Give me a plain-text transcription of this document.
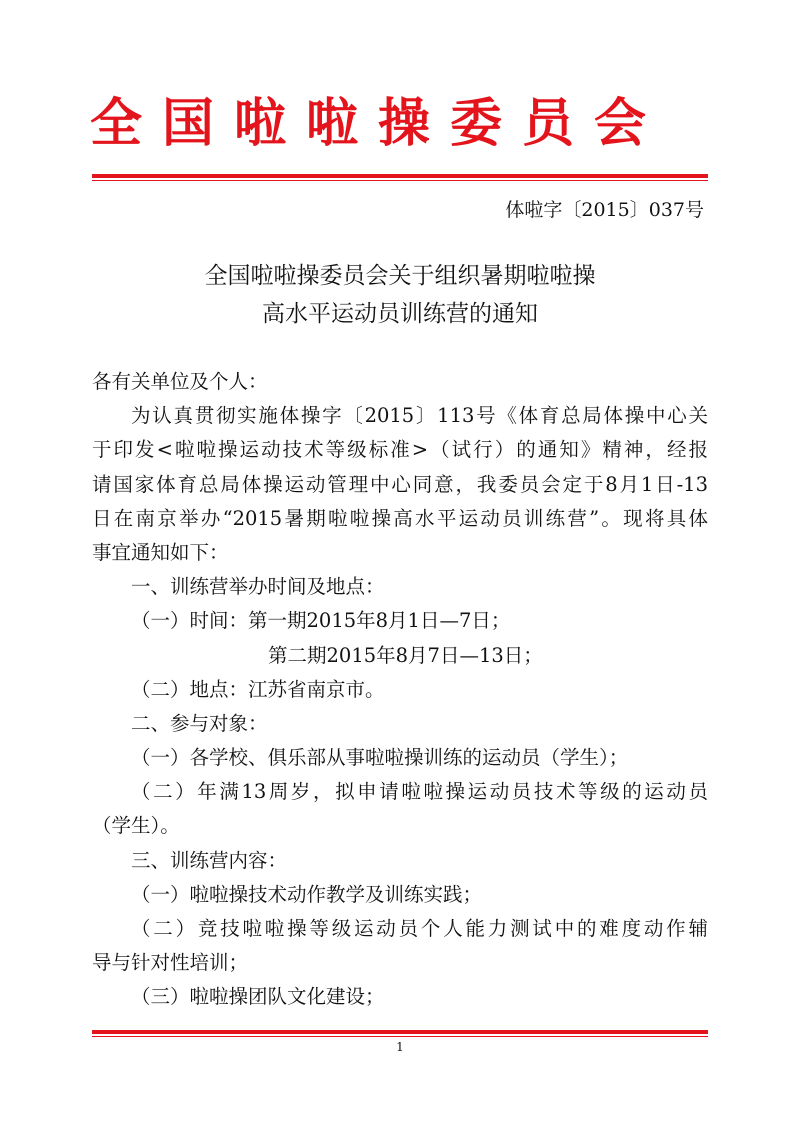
全国啦啦操委员会
体啦字〔2015〕037号
全国啦啦操委员会关于组织暑期啦啦操
高水平运动员训练营的通知
各有关单位及个人：
为认真贯彻实施体操字〔2015〕113号《体育总局体操中心关
于印发<啦啦操运动技术等级标准>（试行）的通知》精神，经报
请国家体育总局体操运动管理中心同意，我委员会定于8月1日-13
日在南京举办“2015暑期啦啦操高水平运动员训练营”。现将具体
事宜通知如下：
一、训练营举办时间及地点：
（一）时间：第一期2015年8月1日—7日；
第二期2015年8月7日—13日；
（二）地点：江苏省南京市。
二、参与对象：
（一）各学校、俱乐部从事啦啦操训练的运动员（学生）；
（二）年满13周岁，拟申请啦啦操运动员技术等级的运动员
（学生）。
三、训练营内容：
（一）啦啦操技术动作教学及训练实践；
（二）竞技啦啦操等级运动员个人能力测试中的难度动作辅
导与针对性培训；
（三）啦啦操团队文化建设；
1
